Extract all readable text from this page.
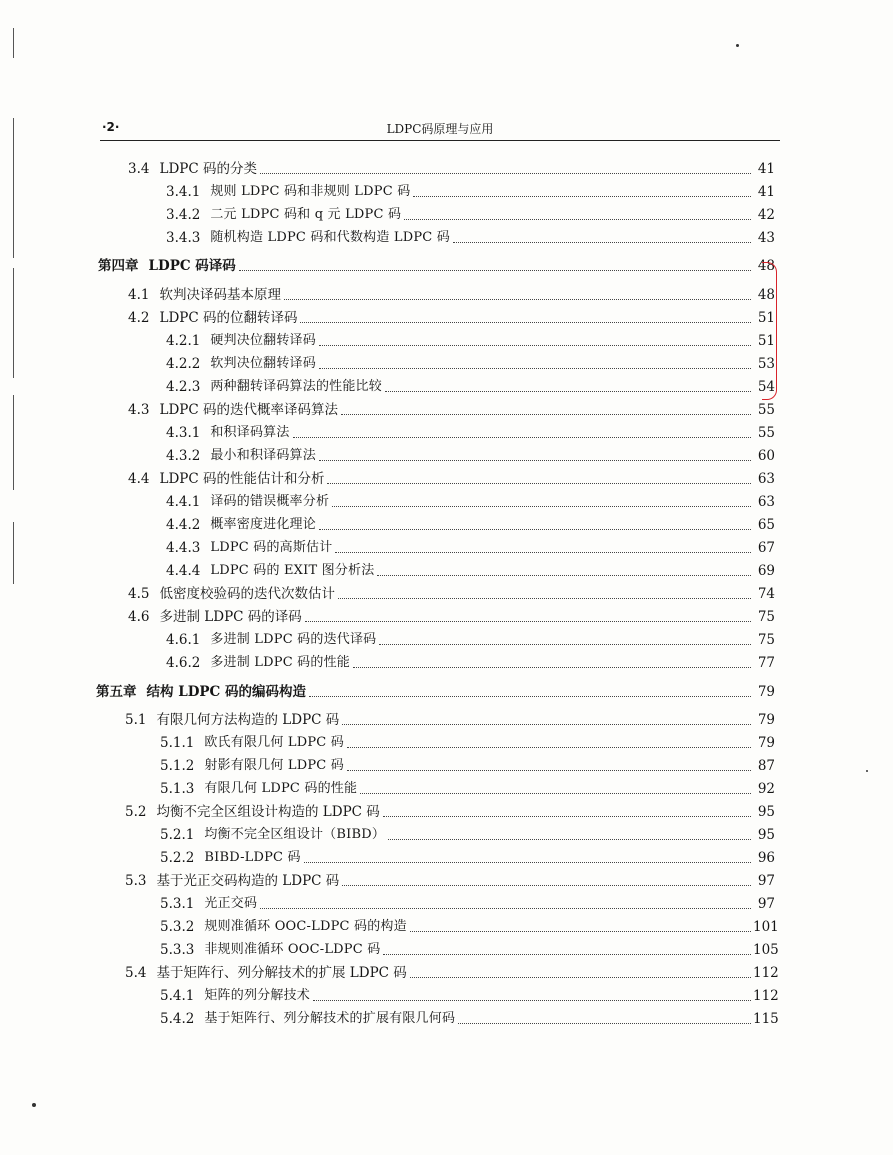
·2·	LDPC码原理与应用
3.4 LDPC 码的分类	41
3.4.1 规则 LDPC 码和非规则 LDPC 码	41
3.4.2 二元 LDPC 码和 q 元 LDPC 码	42
3.4.3 随机构造 LDPC 码和代数构造 LDPC 码	43
第四章 LDPC 码译码	48
4.1 软判决译码基本原理	48
4.2 LDPC 码的位翻转译码	51
4.2.1 硬判决位翻转译码	51
4.2.2 软判决位翻转译码	53
4.2.3 两种翻转译码算法的性能比较	54
4.3 LDPC 码的迭代概率译码算法	55
4.3.1 和积译码算法	55
4.3.2 最小和积译码算法	60
4.4 LDPC 码的性能估计和分析	63
4.4.1 译码的错误概率分析	63
4.4.2 概率密度进化理论	65
4.4.3 LDPC 码的高斯估计	67
4.4.4 LDPC 码的 EXIT 图分析法	69
4.5 低密度校验码的迭代次数估计	74
4.6 多进制 LDPC 码的译码	75
4.6.1 多进制 LDPC 码的迭代译码	75
4.6.2 多进制 LDPC 码的性能	77
第五章 结构 LDPC 码的编码构造	79
5.1 有限几何方法构造的 LDPC 码	79
5.1.1 欧氏有限几何 LDPC 码	79
5.1.2 射影有限几何 LDPC 码	87
5.1.3 有限几何 LDPC 码的性能	92
5.2 均衡不完全区组设计构造的 LDPC 码	95
5.2.1 均衡不完全区组设计（BIBD）	95
5.2.2 BIBD-LDPC 码	96
5.3 基于光正交码构造的 LDPC 码	97
5.3.1 光正交码	97
5.3.2 规则准循环 OOC-LDPC 码的构造	101
5.3.3 非规则准循环 OOC-LDPC 码	105
5.4 基于矩阵行、列分解技术的扩展 LDPC 码	112
5.4.1 矩阵的列分解技术	112
5.4.2 基于矩阵行、列分解技术的扩展有限几何码	115
